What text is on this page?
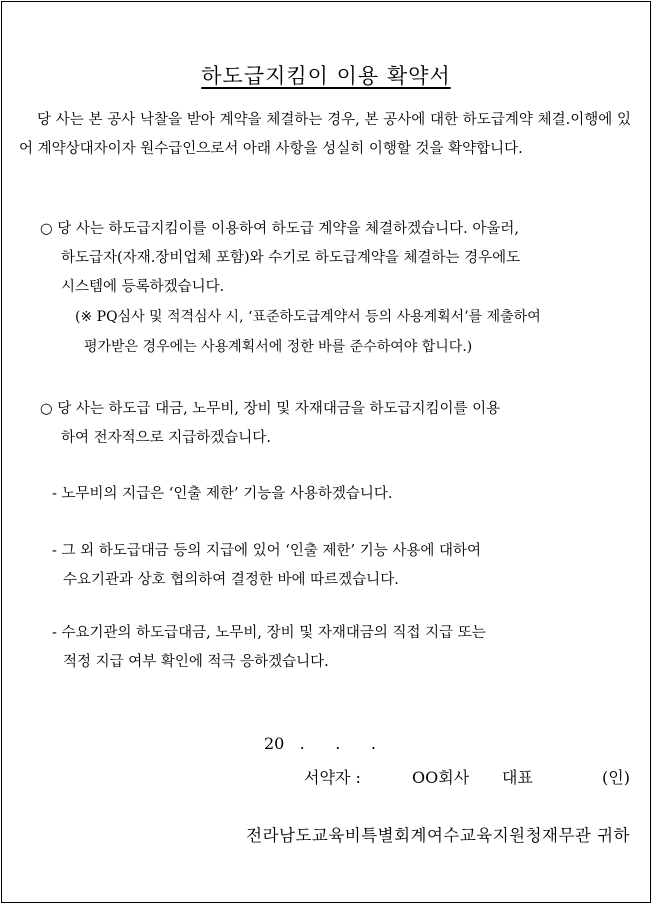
하도급지킴이 이용 확약서
당 사는 본 공사 낙찰을 받아 계약을 체결하는 경우, 본 공사에 대한 하도급계약 체결.이행에 있어 계약상대자이자 원수급인으로서 아래 사항을 성실히 이행할 것을 확약합니다.
○ 당 사는 하도급지킴이를 이용하여 하도급 계약을 체결하겠습니다. 아울러,
하도급자(자재.장비업체 포함)와 수기로 하도급계약을 체결하는 경우에도
시스템에 등록하겠습니다.
(※ PQ심사 및 적격심사 시, ‘표준하도급계약서 등의 사용계획서’를 제출하여
평가받은 경우에는 사용계획서에 정한 바를 준수하여야 합니다.)
○ 당 사는 하도급 대금, 노무비, 장비 및 자재대금을 하도급지킴이를 이용
하여 전자적으로 지급하겠습니다.
- 노무비의 지급은 ‘인출 제한’ 기능을 사용하겠습니다.
- 그 외 하도급대금 등의 지급에 있어 ‘인출 제한’ 기능 사용에 대하여
수요기관과 상호 협의하여 결정한 바에 따르겠습니다.
- 수요기관의 하도급대금, 노무비, 장비 및 자재대금의 직접 지급 또는
적정 지급 여부 확인에 적극 응하겠습니다.
20   .      .      .
서약자 :	OO회사 대표	(인)
전라남도교육비특별회계여수교육지원청재무관 귀하
